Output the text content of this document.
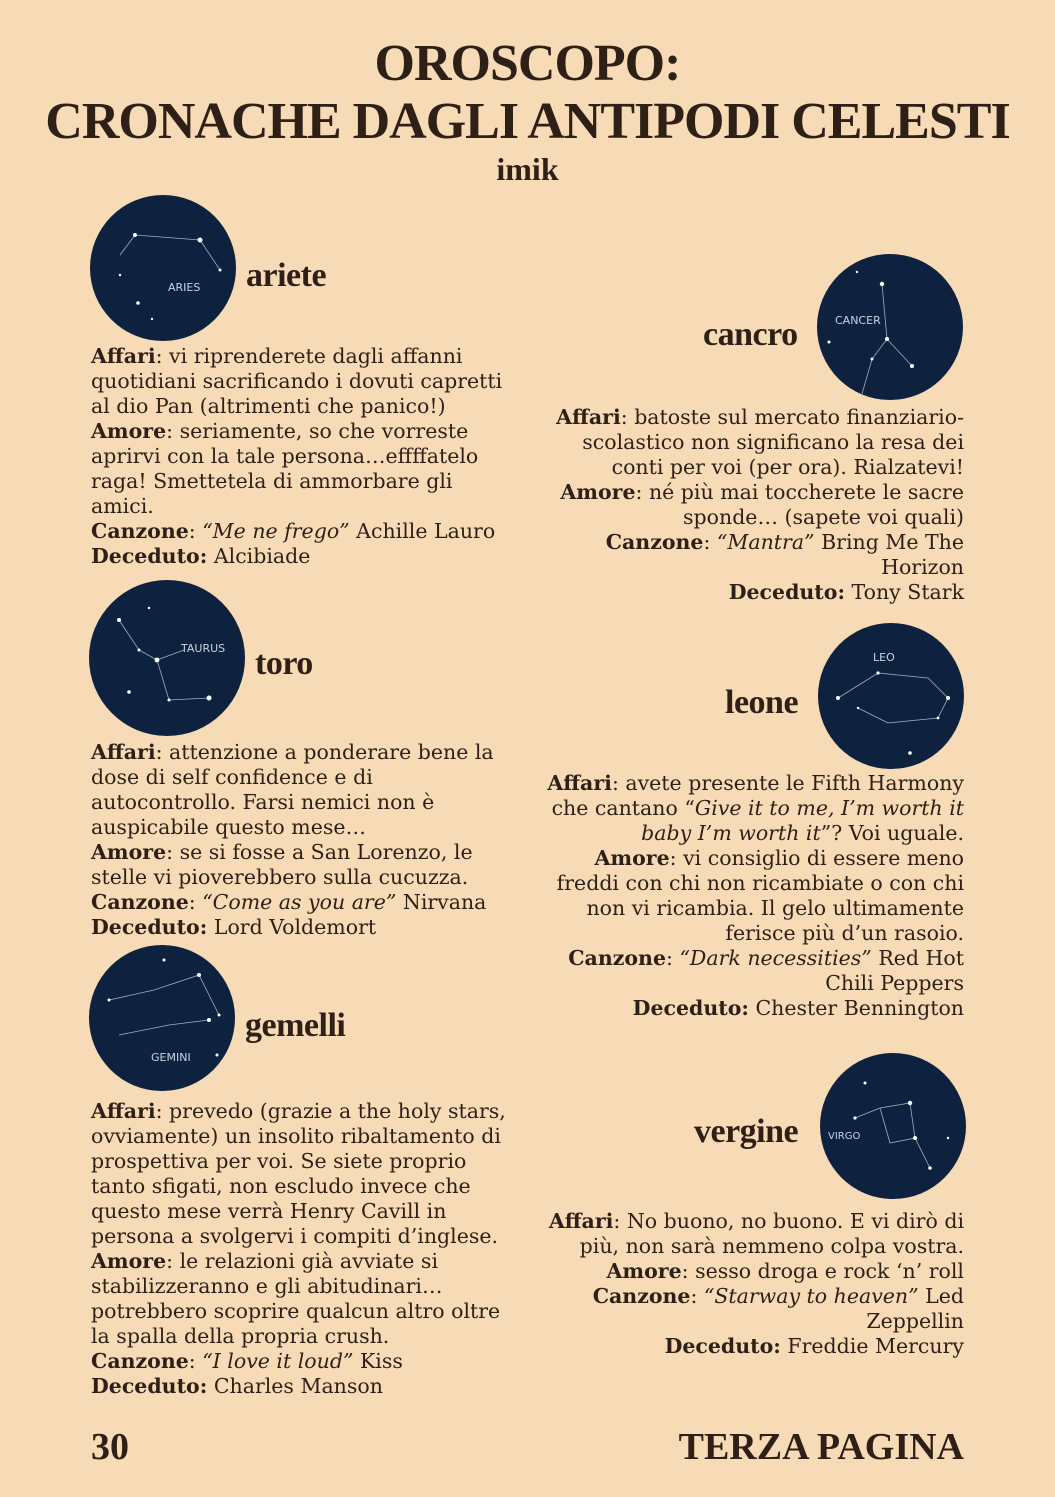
OROSCOPO:
CRONACHE DAGLI ANTIPODI CELESTI
imik
ARIES ariete

Affari: vi riprenderete dagli affanni quotidiani sacrificando i dovuti capretti al dio Pan (altrimenti che panico!)

Amore: seriamente, so che vorreste aprirvi con la tale persona…effffatelo raga! Smettetela di ammorbare gli amici.

Canzone: “Me ne frego” Achille Lauro

Deceduto: Alcibiade

TAURUS toro

Affari: attenzione a ponderare bene la dose di self confidence e di autocontrollo. Farsi nemici non è auspicabile questo mese…

Amore: se si fosse a San Lorenzo, le stelle vi pioverebbero sulla cucuzza.

Canzone: “Come as you are” Nirvana

Deceduto: Lord Voldemort

GEMINI
gemelli

Affari: prevedo (grazie a the holy stars, ovviamente) un insolito ribaltamento di prospettiva per voi. Se siete proprio tanto sfigati, non escludo invece che questo mese verrà Henry Cavill in persona a svolgervi i compiti d’inglese.

Amore: le relazioni già avviate si stabilizzeranno e gli abitudinari…potrebbero scoprire qualcun altro oltre la spalla della propria crush.

Canzone: “I love it loud” Kiss

Deceduto: Charles Manson

CANCER
cancro

Affari: batoste sul mercato finanziario-scolastico non significano la resa dei conti per voi (per ora). Rialzatevi!

Amore: né più mai toccherete le sacre sponde… (sapete voi quali)

Canzone: “Mantra” Bring Me The Horizon

Deceduto: Tony Stark

LEO
leone

Affari: avete presente le Fifth Harmony che cantano “Give it to me, I’m worth it baby I’m worth it”? Voi uguale.

Amore: vi consiglio di essere meno freddi con chi non ricambiate o con chi non vi ricambia. Il gelo ultimamente ferisce più d’un rasoio.

Canzone: “Dark necessities” Red Hot Chili Peppers

Deceduto: Chester Bennington

VIRGO
vergine

Affari: No buono, no buono. E vi dirò di più, non sarà nemmeno colpa vostra.

Amore: sesso droga e rock ‘n’ roll

Canzone: “Starway to heaven” Led Zeppellin

Deceduto: Freddie Mercury

30	TERZA PAGINA
